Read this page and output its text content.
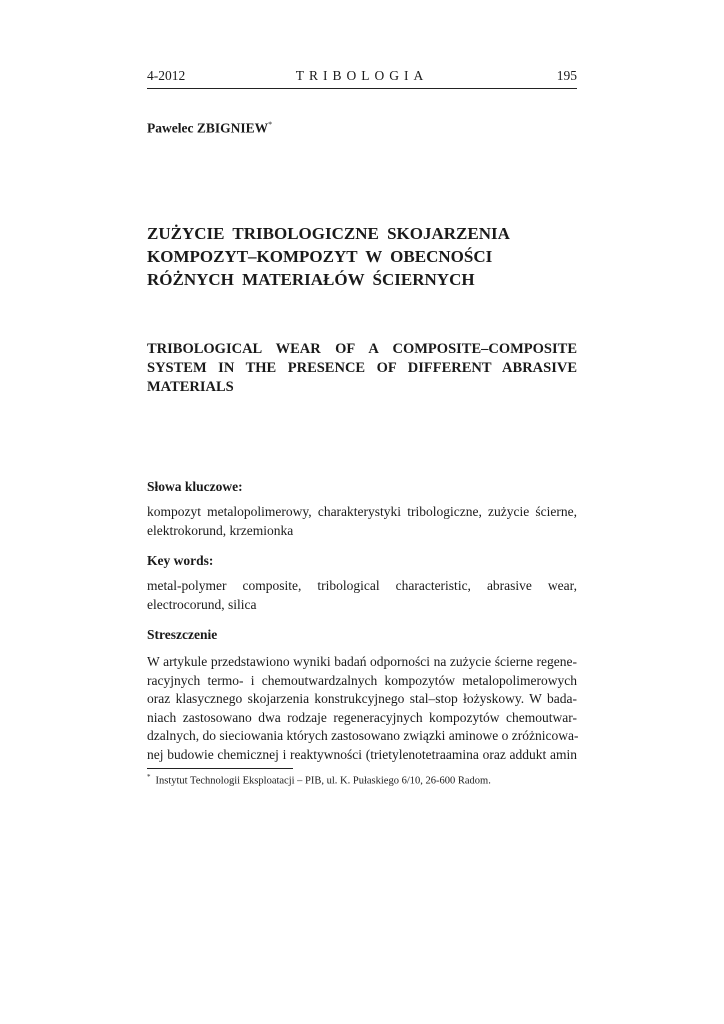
4-2012	TRIBOLOGIA	195
Pawelec ZBIGNIEW*
ZUŻYCIE TRIBOLOGICZNE SKOJARZENIA
KOMPOZYT–KOMPOZYT W OBECNOŚCI
RÓŻNYCH MATERIAŁÓW ŚCIERNYCH
TRIBOLOGICAL WEAR OF A COMPOSITE–COMPOSITE
SYSTEM IN THE PRESENCE OF DIFFERENT ABRASIVE
MATERIALS
Słowa kluczowe:
kompozyt metalopolimerowy, charakterystyki tribologiczne, zużycie ścierne,
elektrokorund, krzemionka
Key words:
metal-polymer composite, tribological characteristic, abrasive wear,
electrocorund, silica
Streszczenie
W artykule przedstawiono wyniki badań odporności na zużycie ścierne regene-
racyjnych termo- i chemoutwardzalnych kompozytów metalopolimerowych
oraz klasycznego skojarzenia konstrukcyjnego stal–stop łożyskowy. W bada-
niach zastosowano dwa rodzaje regeneracyjnych kompozytów chemoutwar-
dzalnych, do sieciowania których zastosowano związki aminowe o zróżnicowa-
nej budowie chemicznej i reaktywności (trietylenotetraamina oraz addukt amin
* Instytut Technologii Eksploatacji – PIB, ul. K. Pułaskiego 6/10, 26-600 Radom.
